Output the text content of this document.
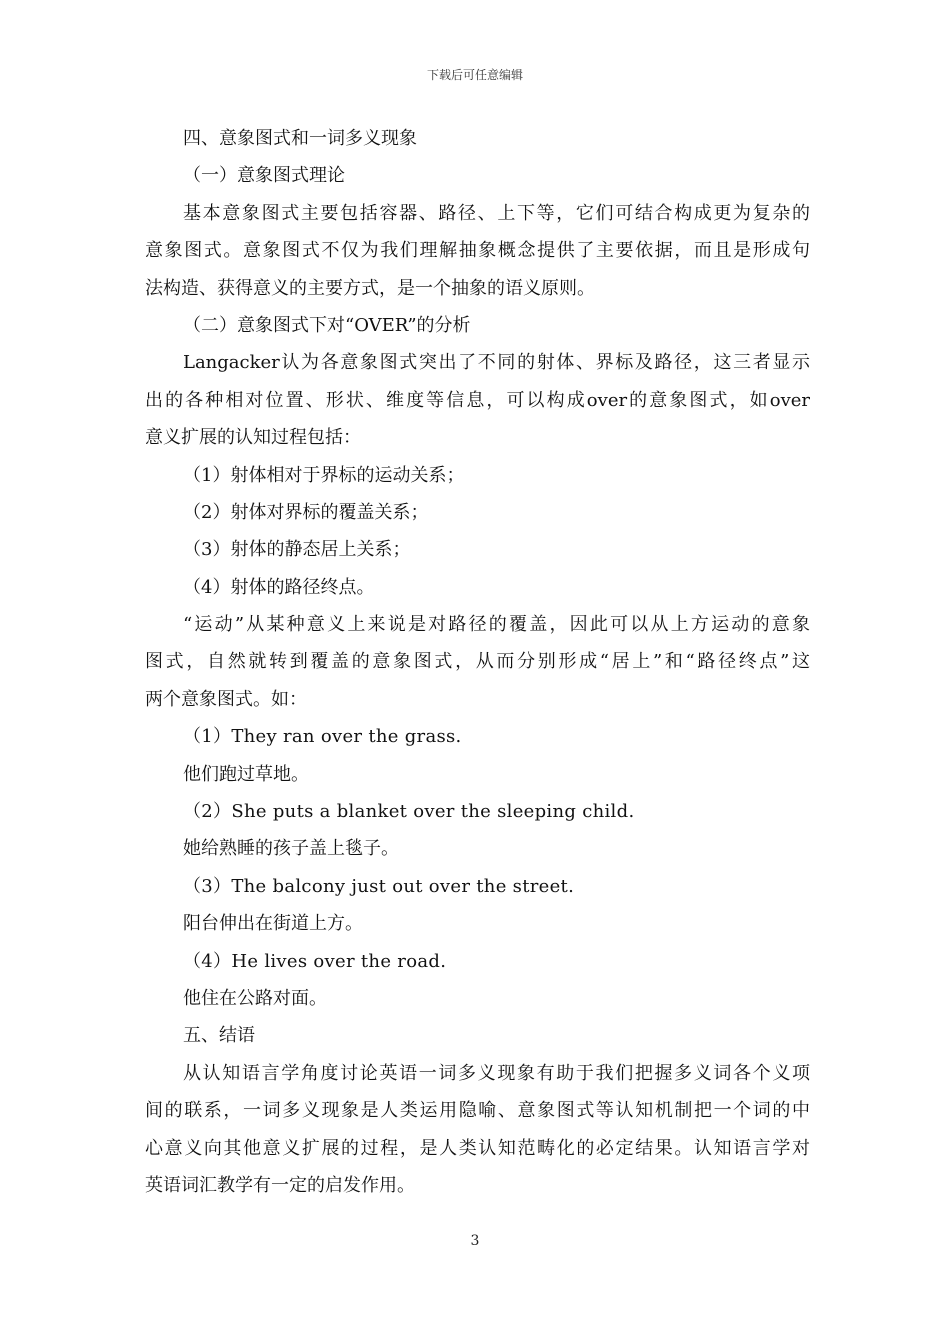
下载后可任意编辑
四、意象图式和一词多义现象
（一）意象图式理论
基本意象图式主要包括容器、路径、上下等，它们可结合构成更为复杂的
意象图式。意象图式不仅为我们理解抽象概念提供了主要依据，而且是形成句
法构造、获得意义的主要方式，是一个抽象的语义原则。
（二）意象图式下对“OVER”的分析
Langacker认为各意象图式突出了不同的射体、界标及路径，这三者显示
出的各种相对位置、形状、维度等信息，可以构成over的意象图式，如over
意义扩展的认知过程包括：
（1）射体相对于界标的运动关系；
（2）射体对界标的覆盖关系；
（3）射体的静态居上关系；
（4）射体的路径终点。
“运动”从某种意义上来说是对路径的覆盖，因此可以从上方运动的意象
图式，自然就转到覆盖的意象图式，从而分别形成“居上”和“路径终点”这
两个意象图式。如：
（1）They ran over the grass.
他们跑过草地。
（2）She puts a blanket over the sleeping child.
她给熟睡的孩子盖上毯子。
（3）The balcony just out over the street.
阳台伸出在街道上方。
（4）He lives over the road.
他住在公路对面。
五、结语
从认知语言学角度讨论英语一词多义现象有助于我们把握多义词各个义项
间的联系，一词多义现象是人类运用隐喻、意象图式等认知机制把一个词的中
心意义向其他意义扩展的过程，是人类认知范畴化的必定结果。认知语言学对
英语词汇教学有一定的启发作用。
3
